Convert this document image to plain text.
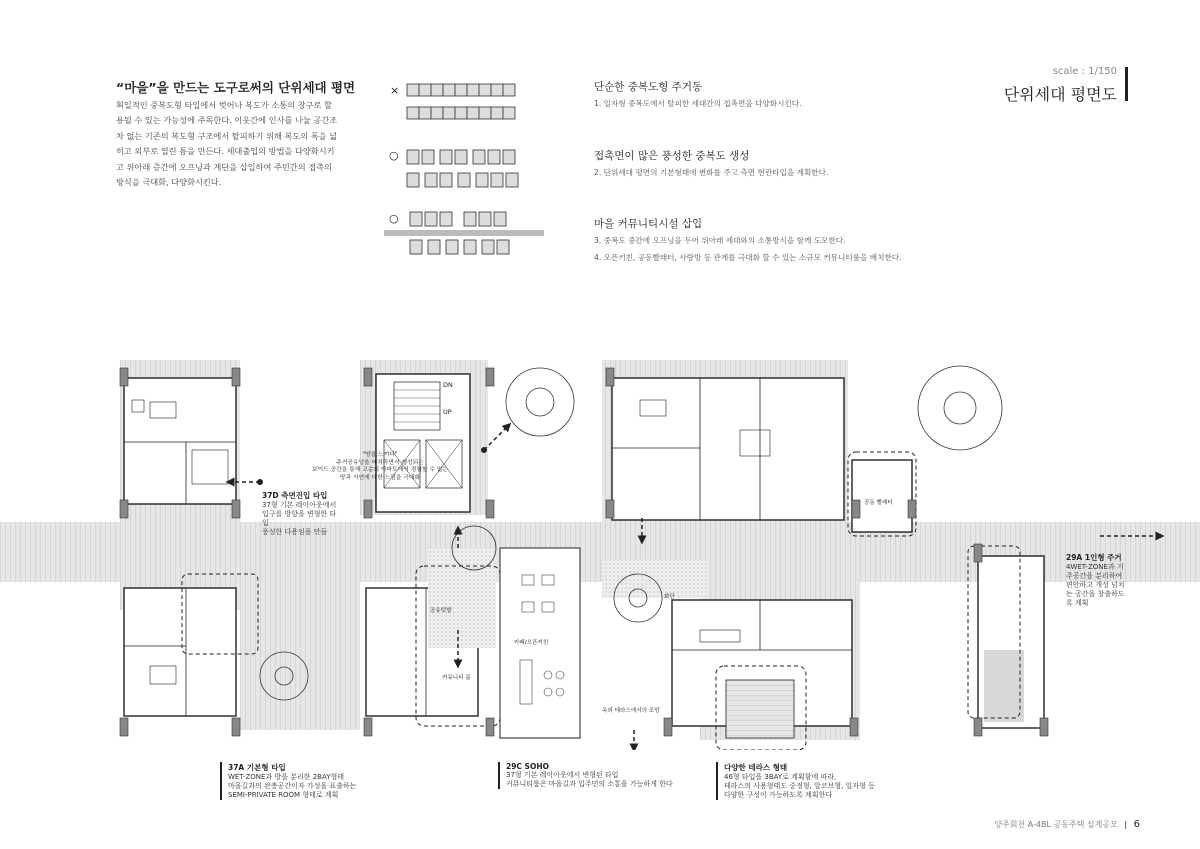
“마을”을 만드는 도구로써의 단위세대 평면
획일적인 중복도형 타입에서 벗어나 복도가 소통의 창구로 할
용될 수 있는 가능성에 주목한다. 이웃간에 인사를 나눌 공간조
차 없는 기존의 복도형 구조에서 탈피하기 위해 복도의 폭을 넓
히고 외부로 열린 틈을 만든다. 세대출입의 방법을 다양화시키
고 위아래 층간에 오프닝과 계단을 삽입하여 주민간의 접촉의
방식을 극대화, 다양화시킨다.
scale : 1/150
단위세대 평면도
×
○
○
단순한 중복도형 주거동
1. 일자형 중복도에서 탈피한 세대간의 접촉면을 다양화시킨다.
접촉면이 많은 풍성한 중복도 생성
2. 단위세대 평면의 기본형태에 변화를 주고 측면 현관타입을 계획한다.
마을 커뮤니티시설 삽입
3. 중복도 중간에 오프닝을 두어 위아래 세대와의 소통방식을 함께 도모한다.
4. 오픈키친, 공동빨래터, 사랑방 등 관계를 극대화 할 수 있는 소규모 커뮤니티룸을 배치한다.
DN
UP
공동 빨래터
공유텃밭
커뮤니티 룸
카페/오픈키친
화단
옥외 테라스에서의 조망
"땅을 느끼다"
주거공유넝을 배치하면서 생성되는
보이드 공간을 통해 고층의 아파트에서 경험할 수 없는
땅과 자연에 대한 느낌을 극대화
37D 측면진입 타입
37형 기본 레이아웃에서
입구를 방향을 변형한 타입
풍성한 다용임을 만들
29A 1인형 주거
4WET-ZONE과 거
주공간을 분리하여
편안하고 개성 넘치
는 공간을 창출하도
록 계획
37A 기본형 타입
WET-ZONE과 방을 분리한 2BAY형태
마을길과의 완충공간이자 가성을 표출하는
SEMI-PRIVATE ROOM 형태로 계획
29C SOHO
37형 기본 레이아웃에서 변형된 타입
커뮤니티룸은 마을길과 입주민의 소통을 가능하게 한다
다양한 테라스 형태
46형 타입을 3BAY로 계획함에 따라,
테라스의 사용형태도 중정형, 알코브형, 일자형 등
다양한 구성이 가능하도록 계획한다
양주회천 A-4BL 공동주택 설계공모 | 6
